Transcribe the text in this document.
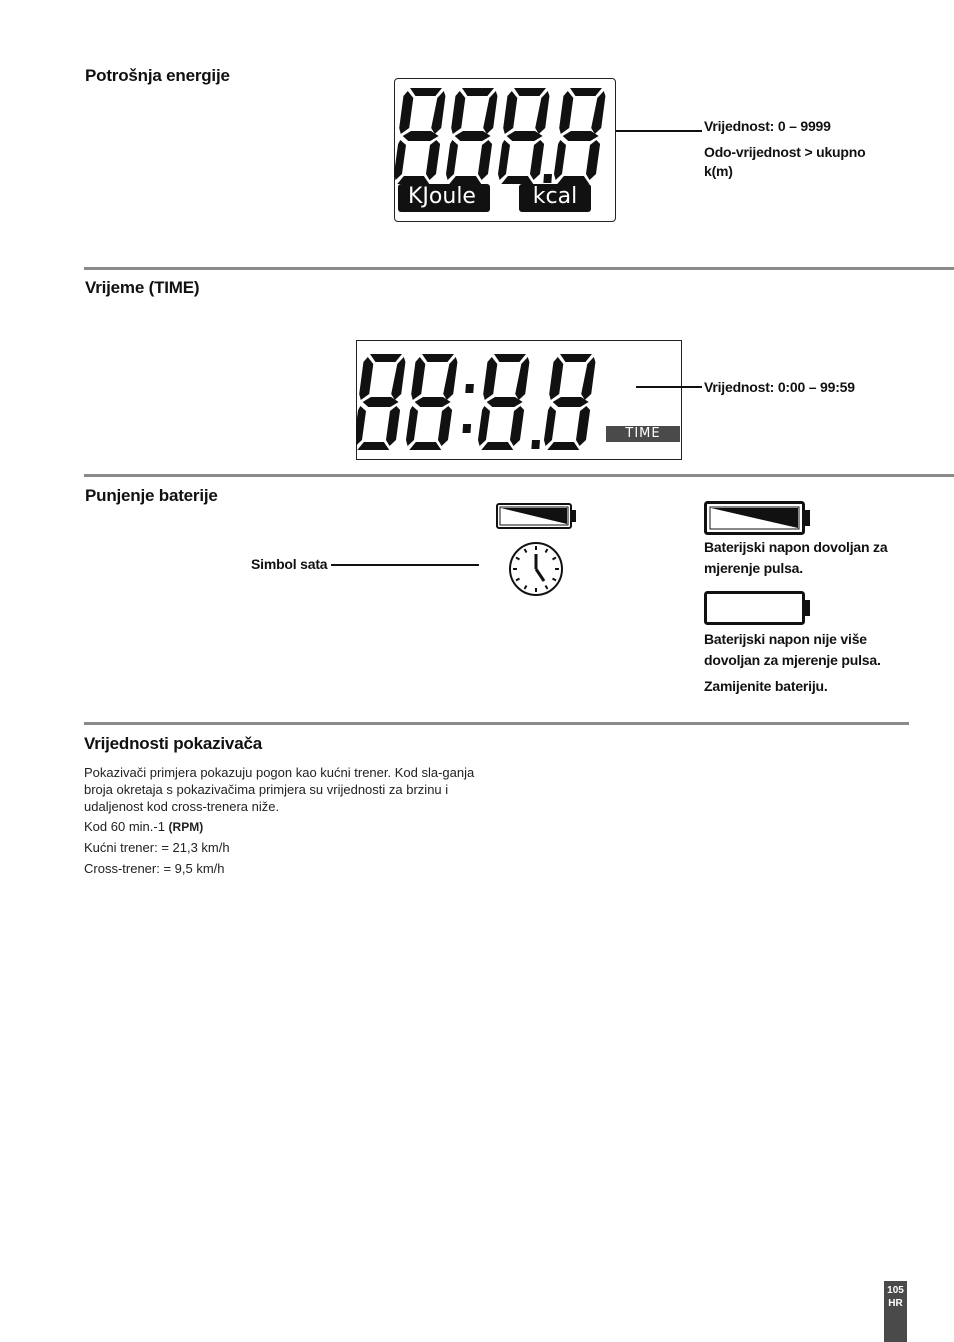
Potrošnja energije
KJoule	kcal
Vrijednost: 0 – 9999
Odo-vrijednost > ukupno k(m)
Vrijeme (TIME)
TIME
Vrijednost: 0:00 – 99:59
Punjenje baterije
Simbol sata
Baterijski napon dovoljan za mjerenje pulsa.
Baterijski napon nije više dovoljan za mjerenje pulsa.
Zamijenite bateriju.
Vrijednosti pokazivača
Pokazivači primjera pokazuju pogon kao kućni trener. Kod sla-ganja broja okretaja s pokazivačima primjera su vrijednosti za brzinu i udaljenost kod cross-trenera niže.
Kod 60 min.-1 (RPM)
Kućni trener: = 21,3 km/h
Cross-trener: = 9,5 km/h
105
HR
